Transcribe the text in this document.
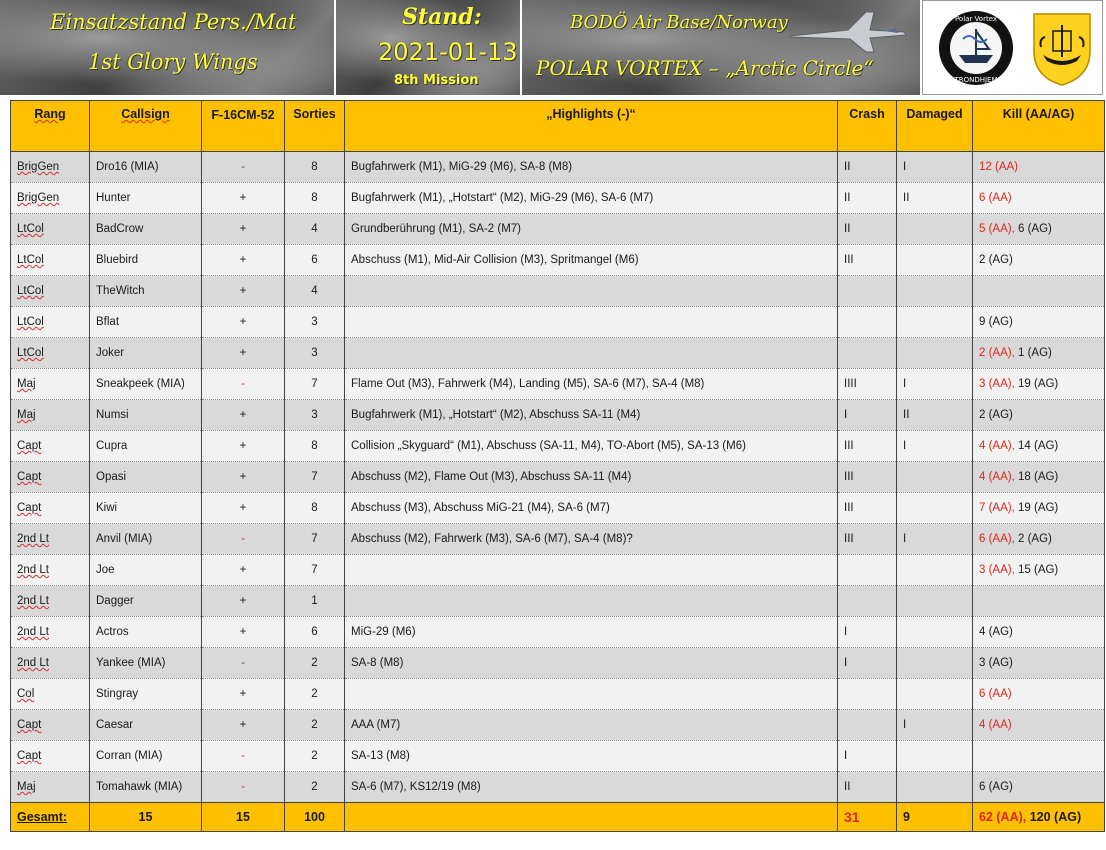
Einsatzstand Pers./Mat
1st Glory Wings
Stand:
2021-01-13
8th Mission
BODÖ Air Base/Norway
POLAR VORTEX – „Arctic Circle“
Polar Vortex
TRONDHJEM
Rang	Callsign	F-16CM-52	Sorties	„Highlights (-)“	Crash	Damaged	Kill (AA/AG)
BrigGen	Dro16 (MIA)	-	8	Bugfahrwerk (M1), MiG-29 (M6), SA-8 (M8)	II	I	12 (AA)
BrigGen	Hunter	+	8	Bugfahrwerk (M1), „Hotstart“ (M2), MiG-29 (M6), SA-6 (M7)	II	II	6 (AA)
LtCol	BadCrow	+	4	Grundberührung (M1), SA-2 (M7)	II		5 (AA), 6 (AG)
LtCol	Bluebird	+	6	Abschuss (M1), Mid-Air Collision (M3), Spritmangel (M6)	III		2 (AG)
LtCol	TheWitch	+	4				
LtCol	Bflat	+	3				9 (AG)
LtCol	Joker	+	3				2 (AA), 1 (AG)
Maj	Sneakpeek (MIA)	-	7	Flame Out (M3), Fahrwerk (M4), Landing (M5), SA-6 (M7), SA-4 (M8)	IIII	I	3 (AA), 19 (AG)
Maj	Numsi	+	3	Bugfahrwerk (M1), „Hotstart“ (M2), Abschuss SA-11 (M4)	I	II	2 (AG)
Capt	Cupra	+	8	Collision „Skyguard“ (M1), Abschuss (SA-11, M4), TO-Abort (M5), SA-13 (M6)	III	I	4 (AA), 14 (AG)
Capt	Opasi	+	7	Abschuss (M2), Flame Out (M3), Abschuss SA-11 (M4)	III		4 (AA), 18 (AG)
Capt	Kiwi	+	8	Abschuss (M3), Abschuss MiG-21 (M4), SA-6 (M7)	III		7 (AA), 19 (AG)
2nd Lt	Anvil (MIA)	-	7	Abschuss (M2), Fahrwerk (M3), SA-6 (M7), SA-4 (M8)?	III	I	6 (AA), 2 (AG)
2nd Lt	Joe	+	7				3 (AA), 15 (AG)
2nd Lt	Dagger	+	1				
2nd Lt	Actros	+	6	MiG-29 (M6)	I		4 (AG)
2nd Lt	Yankee (MIA)	-	2	SA-8 (M8)	I		3 (AG)
Col	Stingray	+	2				6 (AA)
Capt	Caesar	+	2	AAA (M7)		I	4 (AA)
Capt	Corran (MIA)	-	2	SA-13 (M8)	I		
Maj	Tomahawk (MIA)	-	2	SA-6 (M7), KS12/19 (M8)	II		6 (AG)
Gesamt:	15	15	100		31	9	62 (AA), 120 (AG)
